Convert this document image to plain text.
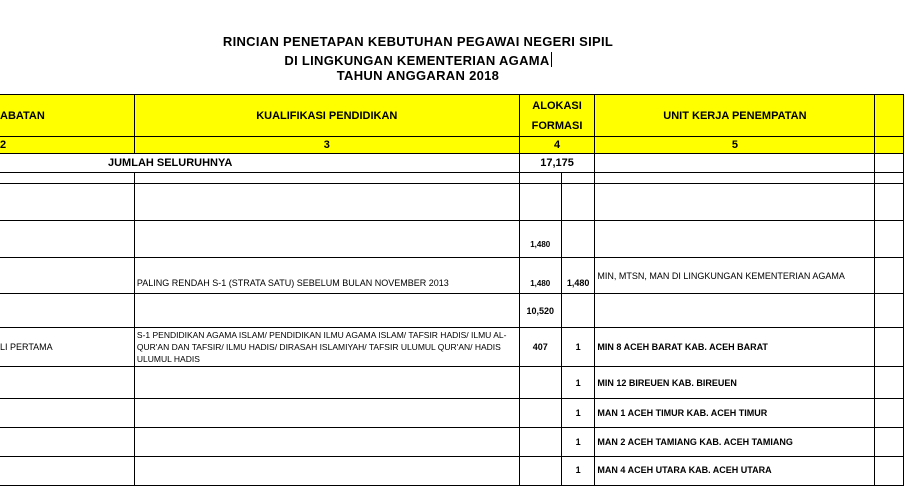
RINCIAN PENETAPAN KEBUTUHAN PEGAWAI NEGERI SIPIL
DI LINGKUNGAN KEMENTERIAN AGAMA
TAHUN ANGGARAN 2018
ABATAN	KUALIFIKASI PENDIDIKAN	ALOKASI FORMASI		UNIT KERJA PENEMPATAN	
2	3	4		5	
JUMLAH SELURUHNYA		17,175			

		1,480			
	PALING RENDAH S-1 (STRATA SATU) SEBELUM BULAN NOVEMBER 2013	1,480	1,480	MIN, MTSN, MAN DI LINGKUNGAN KEMENTERIAN AGAMA	
		10,520			
LI PERTAMA	S-1 PENDIDIKAN AGAMA ISLAM/ PENDIDIKAN ILMU AGAMA ISLAM/ TAFSIR HADIS/ ILMU AL-QUR'AN DAN TAFSIR/ ILMU HADIS/ DIRASAH ISLAMIYAH/ TAFSIR ULUMUL QUR'AN/ HADIS ULUMUL HADIS	407	1	MIN 8 ACEH BARAT KAB. ACEH BARAT	
			1	MIN 12 BIREUEN KAB. BIREUEN	
			1	MAN 1 ACEH TIMUR KAB. ACEH TIMUR	
			1	MAN 2 ACEH TAMIANG KAB. ACEH TAMIANG	
			1	MAN 4 ACEH UTARA KAB. ACEH UTARA	
